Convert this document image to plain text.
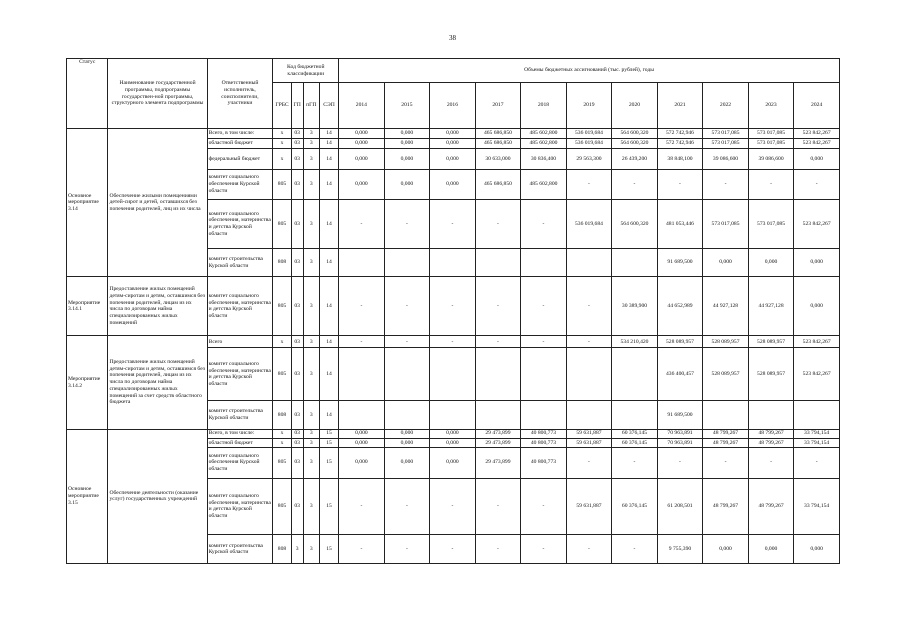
38
Статус	Наименование государственной программы, подпрограммы государствен-ной программы, структурного элемента подпрограммы	Ответственный исполнитель, соисполнители, участники	Код бюджетной классификации				Объемы бюджетных ассигнований (тыс. рублей), годы										
			ГРБС	ГП	пГП	СЭП	2014	2015	2016	2017	2018	2019	2020	2021	2022	2023	2024
Основное мероприятие 3.14	Обеспечение жилыми помещениями детей-сирот и детей, оставшихся без попечения родителей, лиц из их числа	Всего, в том числе:	x	03	3	14	0,000	0,000	0,000	465 686,850	485 602,800	536 019,684	564 600,320	572 742,946	573 017,085	573 017,085	523 842,267
		областной бюджет	x	03	3	14	0,000	0,000	0,000	465 686,850	485 602,800	536 019,684	564 600,320	572 742,946	573 017,085	573 017,085	523 842,267
		федеральный бюджет	x	03	3	14	0,000	0,000	0,000	30 633,000	30 836,400	29 563,300	26 439,200	38 848,100	39 086,600	39 086,600	0,000
		комитет социального обеспечения Курской области	805	03	3	14	0,000	0,000	0,000	465 686,850	485 602,800	-	-	-	-	-	-
		комитет социального обеспечения, материнства и детства Курской области	805	03	3	14	-	-	-	-	-	536 019,684	564 600,320	481 053,446	573 017,085	573 017,085	523 842,267
		комитет строительства Курской области	808	03	3	14								91 689,500	0,000	0,000	0,000
Мероприятие 3.14.1	Предоставление жилых помещений детям-сиротам и детям, оставшимся без попечения родителей, лицам из их числа по договорам найма специализированных жилых помещений	комитет социального обеспечения, материнства и детства Курской области	805	03	3	14	-	-	-	-	-	-	30 389,900	44 652,989	44 927,128	44 927,128	0,000
Мероприятие 3.14.2	Предоставление жилых помещений детям-сиротам и детям, оставшимся без попечения родителей, лицам из их числа по договорам найма специализированных жилых помещений за счет средств областного бюджета	Всего	x	03	3	14	-	-	-	-	-	-	534 210,420	528 089,957	528 089,957	528 089,957	523 842,267
		комитет социального обеспечения, материнства и детства Курской области	805	03	3	14								436 400,457	528 089,957	528 089,957	523 842,267
		комитет строительства Курской области	808	03	3	14								91 689,500			
Основное мероприятие 3.15	Обеспечение деятельности (оказание услуг) государственных учреждений	Всего, в том числе:	x	03	3	15	0,000	0,000	0,000	29 473,899	40 800,773	59 631,887	60 376,145	70 963,891	48 799,267	48 799,267	33 794,154
		областной бюджет	x	03	3	15	0,000	0,000	0,000	29 473,899	40 800,773	59 631,887	60 376,145	70 963,891	48 799,267	48 799,267	33 794,154
		комитет социального обеспечения Курской области	805	03	3	15	0,000	0,000	0,000	29 473,899	40 800,773	-	-	-	-	-	-
		комитет социального обеспечения, материнства и детства Курской области	805	03	3	15	-	-	-	-	-	59 631,887	60 376,145	61 208,501	48 799,267	48 799,267	33 794,154
		комитет строительства Курской области	808	3	3	15	-	-	-	-	-	-	-	9 755,390	0,000	0,000	0,000
